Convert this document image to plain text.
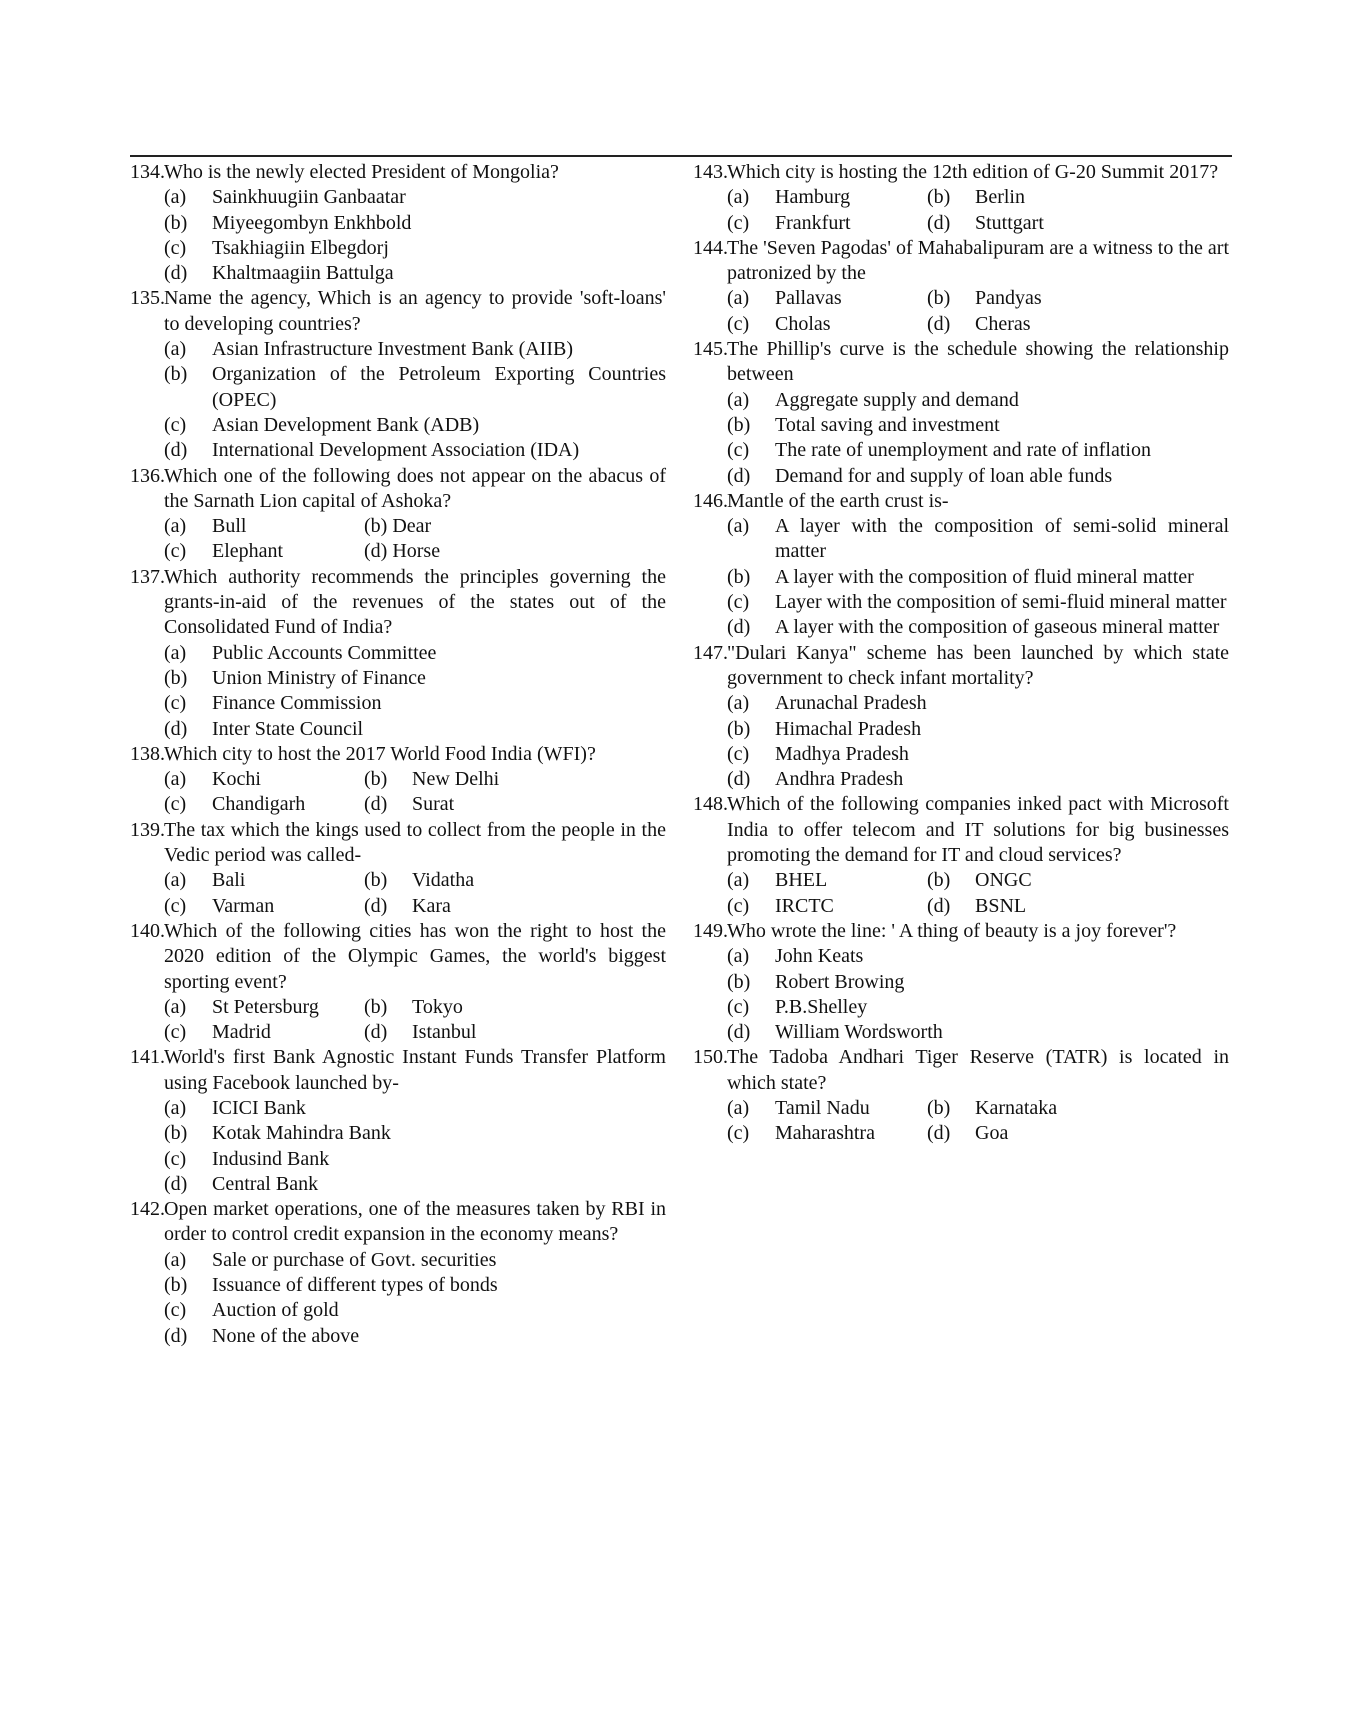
134. Who is the newly elected President of Mongolia?
(a)	Sainkhuugiin Ganbaatar
(b)	Miyeegombyn Enkhbold
(c)	Tsakhiagiin Elbegdorj
(d)	Khaltmaagiin Battulga
135. Name the agency, Which is an agency to provide 'soft-loans' to developing countries?
(a)	Asian Infrastructure Investment Bank (AIIB)
(b)	Organization of the Petroleum Exporting Countries (OPEC)
(c)	Asian Development Bank (ADB)
(d)	International Development Association (IDA)
136. Which one of the following does not appear on the abacus of the Sarnath Lion capital of Ashoka?
(a)	Bull	(b) Dear
(c)	Elephant	(d) Horse
137. Which authority recommends the principles governing the grants-in-aid of the revenues of the states out of the Consolidated Fund of India?
(a)	Public Accounts Committee
(b)	Union Ministry of Finance
(c)	Finance Commission
(d)	Inter State Council
138. Which city to host the 2017 World Food India (WFI)?
(a)	Kochi	(b)	New Delhi
(c)	Chandigarh	(d)	Surat
139. The tax which the kings used to collect from the people in the Vedic period was called-
(a)	Bali	(b)	Vidatha
(c)	Varman	(d)	Kara
140. Which of the following cities has won the right to host the 2020 edition of the Olympic Games, the world's biggest sporting event?
(a)	St Petersburg	(b)	Tokyo
(c)	Madrid	(d)	Istanbul
141. World's first Bank Agnostic Instant Funds Transfer Platform using Facebook launched by-
(a)	ICICI Bank
(b)	Kotak Mahindra Bank
(c)	Indusind Bank
(d)	Central Bank
142. Open market operations, one of the measures taken by RBI in order to control credit expansion in the economy means?
(a)	Sale or purchase of Govt. securities
(b)	Issuance of different types of bonds
(c)	Auction of gold
(d)	None of the above
143. Which city is hosting the 12th edition of G-20 Summit 2017?
(a)	Hamburg	(b)	Berlin
(c)	Frankfurt	(d)	Stuttgart
144. The 'Seven Pagodas' of Mahabalipuram are a witness to the art patronized by the
(a)	Pallavas	(b)	Pandyas
(c)	Cholas	(d)	Cheras
145. The Phillip's curve is the schedule showing the relationship between
(a)	Aggregate supply and demand
(b)	Total saving and investment
(c)	The rate of unemployment and rate of inflation
(d)	Demand for and supply of loan able funds
146. Mantle of the earth crust is-
(a)	A layer with the composition of semi-solid mineral matter
(b)	A layer with the composition of fluid mineral matter
(c)	Layer with the composition of semi-fluid mineral matter
(d)	A layer with the composition of gaseous mineral matter
147. "Dulari Kanya" scheme has been launched by which state government to check infant mortality?
(a)	Arunachal Pradesh
(b)	Himachal Pradesh
(c)	Madhya Pradesh
(d)	Andhra Pradesh
148. Which of the following companies inked pact with Microsoft India to offer telecom and IT solutions for big businesses promoting the demand for IT and cloud services?
(a)	BHEL	(b)	ONGC
(c)	IRCTC	(d)	BSNL
149. Who wrote the line: ' A thing of beauty is a joy forever'?
(a)	John Keats
(b)	Robert Browing
(c)	P.B.Shelley
(d)	William Wordsworth
150. The Tadoba Andhari Tiger Reserve (TATR) is located in which state?
(a)	Tamil Nadu	(b)	Karnataka
(c)	Maharashtra	(d)	Goa
